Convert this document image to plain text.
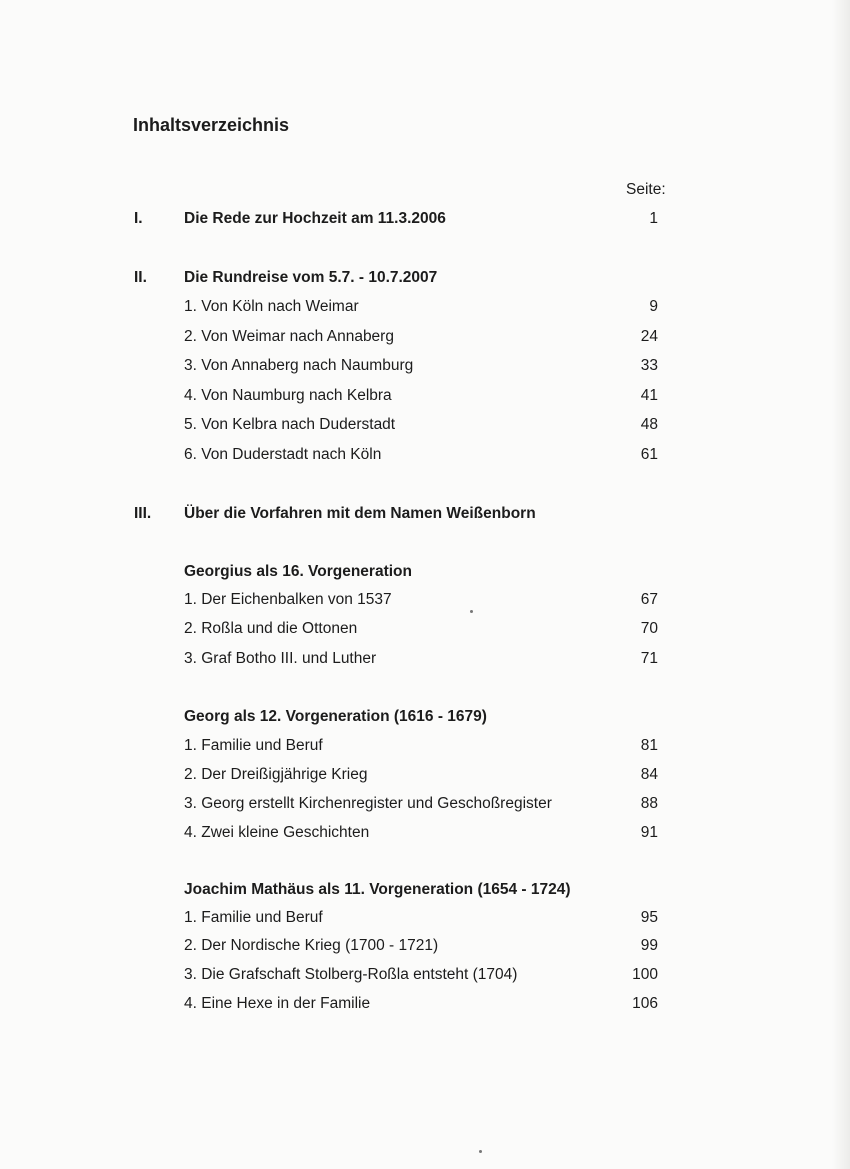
Inhaltsverzeichnis
Seite:
I.	Die Rede zur Hochzeit am 11.3.2006	1
II. Die Rundreise vom 5.7. - 10.7.2007
1. Von Köln nach Weimar	9
2. Von Weimar nach Annaberg	24
3. Von Annaberg nach Naumburg	33
4. Von Naumburg nach Kelbra	41
5. Von Kelbra nach Duderstadt	48
6. Von Duderstadt nach Köln	61
III. Über die Vorfahren mit dem Namen Weißenborn
Georgius als 16. Vorgeneration
1. Der Eichenbalken von 1537	67
2. Roßla und die Ottonen	70
3. Graf Botho III. und Luther	71
Georg als 12. Vorgeneration (1616 - 1679)
1. Familie und Beruf	81
2. Der Dreißigjährige Krieg	84
3. Georg erstellt Kirchenregister und Geschoßregister	88
4. Zwei kleine Geschichten	91
Joachim Mathäus als 11. Vorgeneration (1654 - 1724)
1. Familie und Beruf	95
2. Der Nordische Krieg (1700 - 1721)	99
3. Die Grafschaft Stolberg-Roßla entsteht (1704)	100
4. Eine Hexe in der Familie	106
